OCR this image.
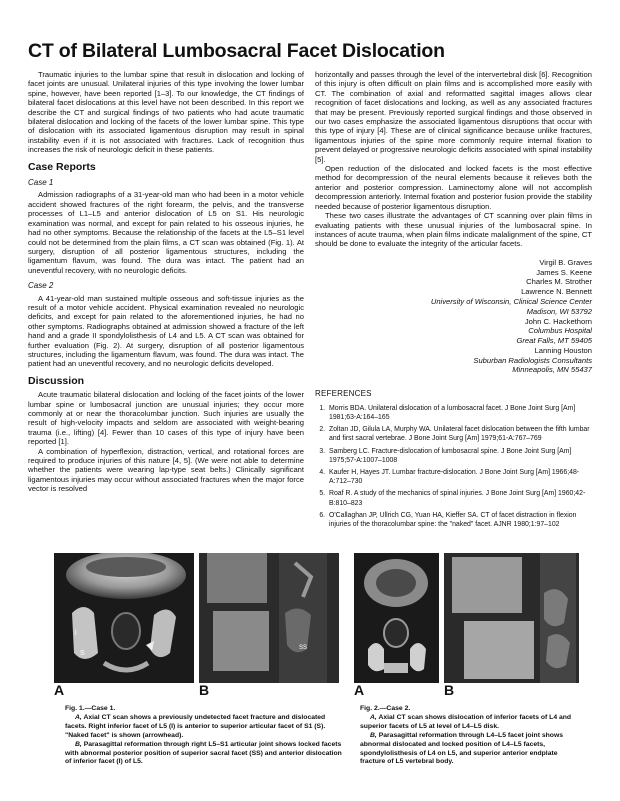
CT of Bilateral Lumbosacral Facet Dislocation

Traumatic injuries to the lumbar spine that result in dislocation and locking of facet joints are unusual. Unilateral injuries of this type involving the lower lumbar spine, however, have been reported [1–3]. To our knowledge, the CT findings of bilateral facet dislocations at this level have not been described. In this report we describe the CT and surgical findings of two patients who had acute traumatic bilateral dislocation and locking of the facets of the lower lumbar spine. This type of dislocation with its associated ligamentous disruption may result in spinal instability even if it is not associated with fractures. Lack of recognition thus increases the risk of neurologic deficit in these patients.

Case Reports
Case 1

Admission radiographs of a 31-year-old man who had been in a motor vehicle accident showed fractures of the right forearm, the pelvis, and the transverse processes of L1–L5 and anterior dislocation of L5 on S1. His neurologic examination was normal, and except for pain related to his osseous injuries, he had no other symptoms. Because the relationship of the facets at the L5–S1 level could not be determined from the plain films, a CT scan was obtained (Fig. 1). At surgery, disruption of all posterior ligamentous structures, including the ligamentum flavum, was found. The dura was intact. The patient had an uneventful recovery, with no neurologic deficits.

Case 2

A 41-year-old man sustained multiple osseous and soft-tissue injuries as the result of a motor vehicle accident. Physical examination revealed no neurologic deficits, and except for pain related to the aforementioned injuries, he had no other symptoms. Radiographs obtained at admission showed a fracture of the left hand and a grade II spondylolisthesis of L4 and L5. A CT scan was obtained for further evaluation (Fig. 2). At surgery, disruption of all posterior ligamentous structures, including the ligamentum flavum, was found. The dura was intact. The patient had an uneventful recovery, and no neurologic deficits developed.

Discussion

Acute traumatic bilateral dislocation and locking of the facet joints of the lower lumbar spine or lumbosacral junction are unusual injuries; they occur more commonly at or near the thoracolumbar junction. Such injuries are usually the result of high-velocity impacts and seldom are associated with weight-bearing trauma (i.e., lifting) [4]. Fewer than 10 cases of this type of injury have been reported [1].

A combination of hyperflexion, distraction, vertical, and rotational forces are required to produce injuries of this nature [4, 5]. (We were not able to determine whether the patients were wearing lap-type seat belts.) Clinically significant ligamentous injuries may occur without associated fractures when the major force vector is resolved

horizontally and passes through the level of the intervertebral disk [6]. Recognition of this injury is often difficult on plain films and is accomplished more easily with CT. The combination of axial and reformatted sagittal images allows clear recognition of facet dislocations and locking, as well as any associated fractures that may be present. Previously reported surgical findings and those observed in our two cases emphasize the associated ligamentous disruptions that occur with this type of injury [4]. These are of clinical significance because unlike fractures, ligamentous injuries of the spine more commonly require internal fixation to prevent delayed or progressive neurologic deficits associated with spinal instability [5].

Open reduction of the dislocated and locked facets is the most effective method for decompression of the neural elements because it relieves both the anterior and posterior compression. Laminectomy alone will not accomplish decompression anteriorly. Internal fixation and posterior fusion provide the stability needed because of posterior ligamentous disruption.

These two cases illustrate the advantages of CT scanning over plain films in evaluating patients with these unusual injuries of the lumbosacral spine. In instances of acute trauma, when plain films indicate malalignment of the spine, CT should be done to evaluate the integrity of the articular facets.

Virgil B. Graves
James S. Keene
Charles M. Strother
Lawrence N. Bennett
University of Wisconsin, Clinical Science Center
Madison, WI 53792
John C. Hackethorn
Columbus Hospital
Great Falls, MT 59405
Lanning Houston
Suburban Radiologists Consultants
Minneapolis, MN 55437
REFERENCES
1. Morris BDA. Unilateral dislocation of a lumbosacral facet. J Bone Joint Surg [Am] 1981;63-A:164–165
2. Zoltan JD, Gilula LA, Murphy WA. Unilateral facet dislocation between the fifth lumbar and first sacral vertebrae. J Bone Joint Surg [Am] 1979;61-A:767–769
3. Samberg LC. Fracture-dislocation of lumbosacral spine. J Bone Joint Surg [Am] 1975;57-A:1007–1008
4. Kaufer H, Hayes JT. Lumbar fracture-dislocation. J Bone Joint Surg [Am] 1966;48-A:712–730
5. Roaf R. A study of the mechanics of spinal injuries. J Bone Joint Surg [Am] 1960;42-B:810–823
6. O'Callaghan JP, Ullrich CG, Yuan HA, Kieffer SA. CT of facet distraction in flexion injuries of the thoracolumbar spine: the "naked" facet. AJNR 1980;1:97–102
l
S
A
SS
B	A	B

Fig. 1.—Case 1.

A, Axial CT scan shows a previously undetected facet fracture and dislocated facets. Right inferior facet of L5 (I) is anterior to superior articular facet of S1 (S). "Naked facet" is shown (arrowhead).

B, Parasagittal reformation through right L5–S1 articular joint shows locked facets with abnormal posterior position of superior sacral facet (SS) and anterior dislocation of inferior facet (I) of L5.

Fig. 2.—Case 2.

A, Axial CT scan shows dislocation of inferior facets of L4 and superior facets of L5 at level of L4–L5 disk.

B, Parasagittal reformation through L4–L5 facet joint shows abnormal dislocated and locked position of L4–L5 facets, spondylolisthesis of L4 on L5, and superior anterior endplate fracture of L5 vertebral body.
